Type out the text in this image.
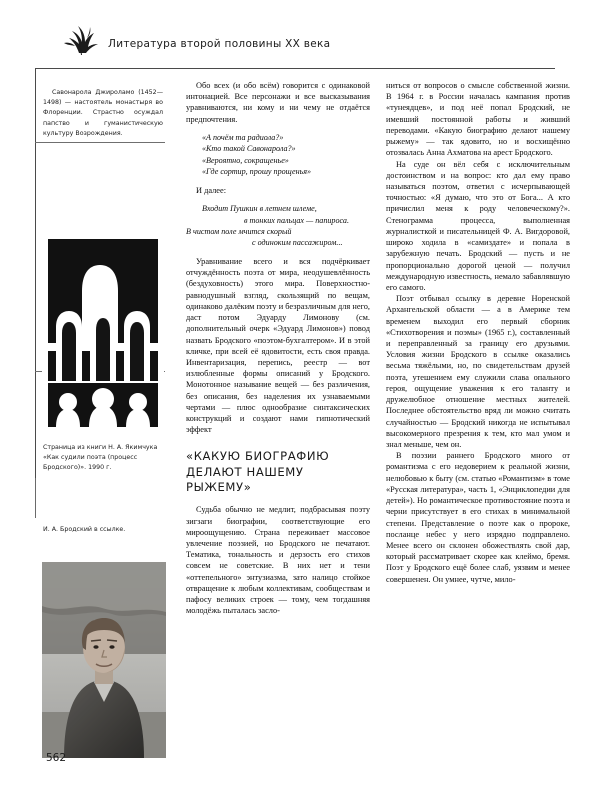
Литература второй половины XX века
Савонарола Джироламо (1452—1498) — настоятель монастыря во Флоренции. Страстно осуждал папство и гуманистическую культуру Возрождения.
Страница из книги Н. А. Якимчука «Как судили поэта (процесс Бродского)». 1990 г.
И. А. Бродский в ссылке.

Обо всех (и обо всём) говорится с одинаковой интонацией. Все персонажи и все высказывания уравниваются, ни кому и ни чему не отдаётся предпочтения.

«А почём та радиола?»
«Кто такой Савонарола?»
«Вероятно, сокращенье»
«Где сортир, прошу прощенья»

И далее:

Входит Пушкин в летнем шлеме,
в тонких пальцах — папироса.
В чистом поле мчится скорый
с одиноким пассажиром...

Уравнивание всего и вся подчёркивает отчуждённость поэта от мира, неодушевлённость (бездуховность) этого мира. Поверхностно-равнодушный взгляд, скользящий по вещам, одинаково далёким поэту и безразличным для него, даст потом Эдуарду Лимонову (см. дополнительный очерк «Эдуард Лимонов») повод назвать Бродского «поэтом-бухгалтером». И в этой кличке, при всей её ядовитости, есть своя правда. Инвентаризация, перепись, реестр — вот излюбленные формы описаний у Бродского. Монотонное называние вещей — без различения, без описания, без наделения их узнаваемыми чертами — плюс однообразие синтаксических конструкций и создают нами гипнотический эффект

«КАКУЮ БИОГРАФИЮ ДЕЛАЮТ НАШЕМУ РЫЖЕМУ»

Судьба обычно не медлит, подбрасывая поэту зигзаги биографии, соответствующие его мироощущению. Страна переживает массовое увлечение поэзией, но Бродского не печатают. Тематика, тональность и дерзость его стихов совсем не советские. В них нет и тени «оттепельного» энтузиазма, зато налицо стойкое отвращение к любым коллективам, сообществам и пафосу великих строек — тому, чем тогдашняя молодёжь пыталась засло-

ниться от вопросов о смысле собственной жизни. В 1964 г. в России началась кампания против «тунеядцев», и под неё попал Бродский, не имевший постоянной работы и живший переводами. «Какую биографию делают нашему рыжему» — так ядовито, но и восхищённо отозвалась Анна Ахматова на арест Бродского.

На суде он вёл себя с исключительным достоинством и на вопрос: кто дал ему право называться поэтом, ответил с исчерпывающей точностью: «Я думаю, что это от Бога... А кто причислил меня к роду человеческому?». Стенограмма процесса, выполненная журналисткой и писательницей Ф. А. Вигдоровой, широко ходила в «самиздате» и попала в зарубежную печать. Бродский — пусть и не пропорционально дорогой ценой — получил международную известность, немало забавлявшую его самого.

Поэт отбывал ссылку в деревне Норенской Архангельской области — а в Америке тем временем выходил его первый сборник «Стихотворения и поэмы» (1965 г.), составленный и переправленный за границу его друзьями. Условия жизни Бродского в ссылке оказались весьма тяжёлыми, но, по свидетельствам друзей поэта, утешением ему служили слава опального героя, ощущение уважения к его таланту и дружелюбное отношение местных жителей. Последнее обстоятельство вряд ли можно считать случайностью — Бродский никогда не испытывал высокомерного презрения к тем, кто мал умом и знал меньше, чем он.

В поэзии раннего Бродского много от романтизма с его недоверием к реальной жизни, нелюбовью к быту (см. статью «Романтизм» в томе «Русская литература», часть 1, «Энциклопедии для детей»). Но романтическое противостояние поэта и черни присутствует в его стихах в минимальной степени. Представление о поэте как о пророке, посланце небес у него изрядно подправлено. Менее всего он склонен обожествлять свой дар, который рассматривает скорее как клеймо, бремя. Поэт у Бродского ещё более слаб, уязвим и менее совершенен. Он умнее, чутче, мило-

562
